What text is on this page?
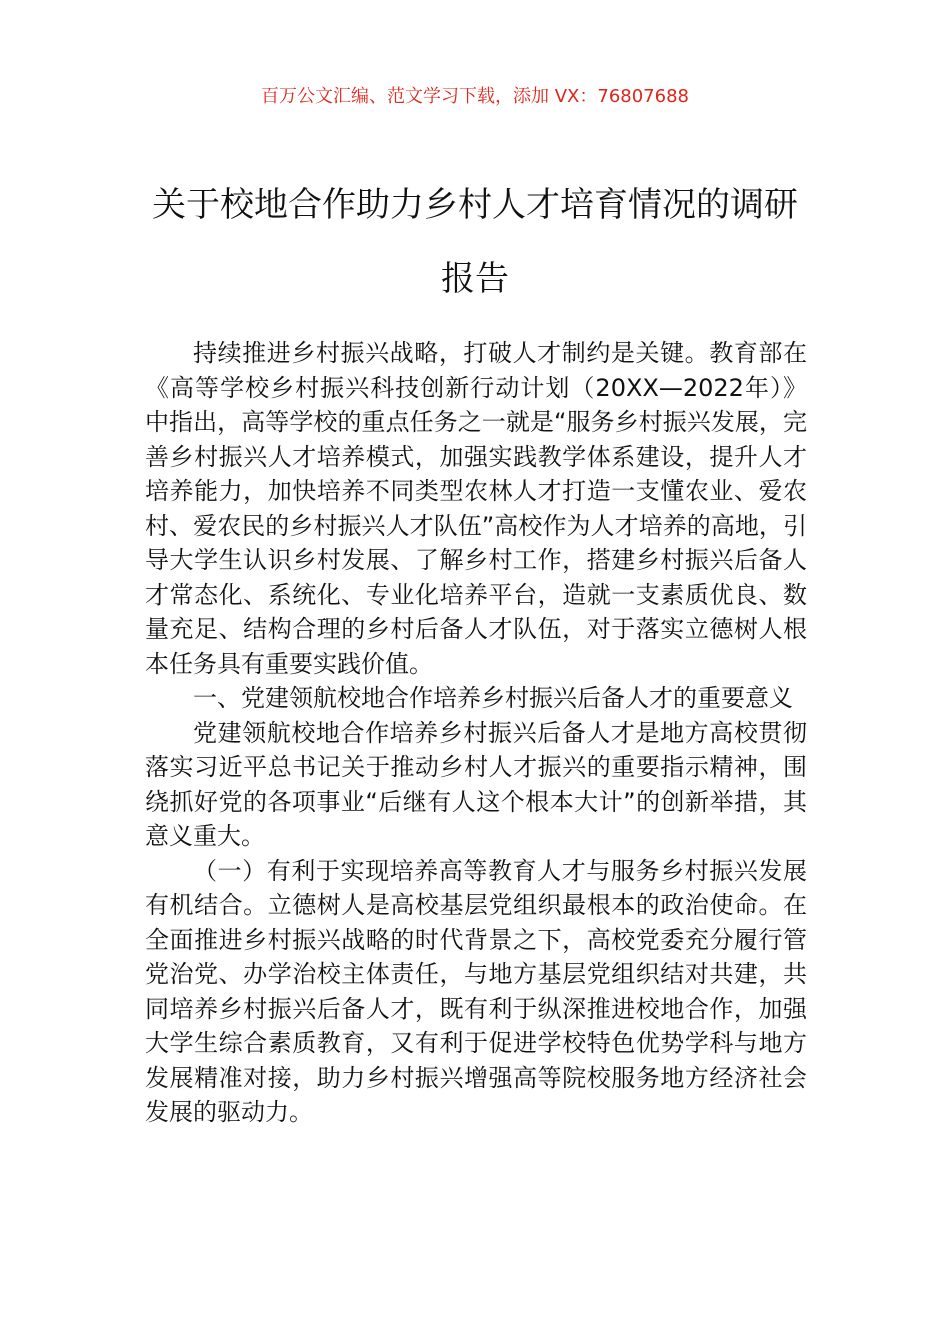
百万公文汇编、范文学习下载，添加 VX：76807688
关于校地合作助力乡村人才培育情况的调研报告

持续推进乡村振兴战略，打破人才制约是关键。教育部在《高等学校乡村振兴科技创新行动计划（20XX—2022年）》中指出，高等学校的重点任务之一就是“服务乡村振兴发展，完善乡村振兴人才培养模式，加强实践教学体系建设，提升人才培养能力，加快培养不同类型农林人才打造一支懂农业、爱农村、爱农民的乡村振兴人才队伍”高校作为人才培养的高地，引导大学生认识乡村发展、了解乡村工作，搭建乡村振兴后备人才常态化、系统化、专业化培养平台，造就一支素质优良、数量充足、结构合理的乡村后备人才队伍，对于落实立德树人根本任务具有重要实践价值。

一、党建领航校地合作培养乡村振兴后备人才的重要意义

党建领航校地合作培养乡村振兴后备人才是地方高校贯彻落实习近平总书记关于推动乡村人才振兴的重要指示精神，围绕抓好党的各项事业“后继有人这个根本大计”的创新举措，其意义重大。

（一）有利于实现培养高等教育人才与服务乡村振兴发展有机结合。立德树人是高校基层党组织最根本的政治使命。在全面推进乡村振兴战略的时代背景之下，高校党委充分履行管党治党、办学治校主体责任，与地方基层党组织结对共建，共同培养乡村振兴后备人才，既有利于纵深推进校地合作，加强大学生综合素质教育，又有利于促进学校特色优势学科与地方发展精准对接，助力乡村振兴增强高等院校服务地方经济社会发展的驱动力。
